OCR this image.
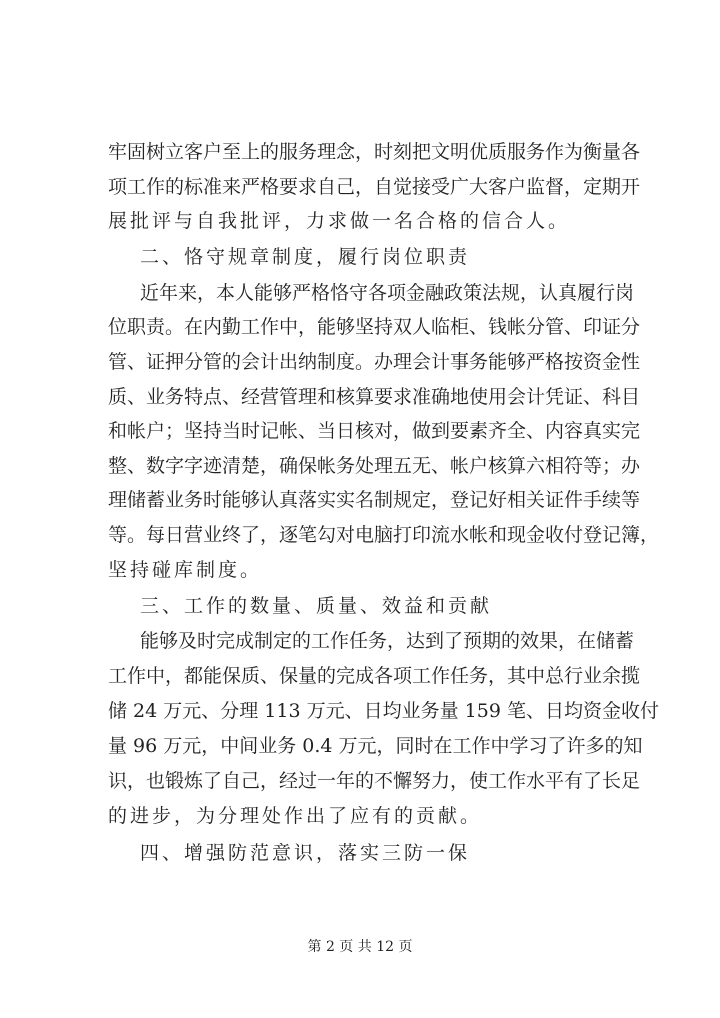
牢固树立客户至上的服务理念，时刻把文明优质服务作为衡量各
项工作的标准来严格要求自己，自觉接受广大客户监督，定期开
展批评与自我批评，力求做一名合格的信合人。
二、恪守规章制度，履行岗位职责
近年来，本人能够严格恪守各项金融政策法规，认真履行岗
位职责。在内勤工作中，能够坚持双人临柜、钱帐分管、印证分
管、证押分管的会计出纳制度。办理会计事务能够严格按资金性
质、业务特点、经营管理和核算要求准确地使用会计凭证、科目
和帐户；坚持当时记帐、当日核对，做到要素齐全、内容真实完
整、数字字迹清楚，确保帐务处理五无、帐户核算六相符等；办
理储蓄业务时能够认真落实实名制规定，登记好相关证件手续等
等。每日营业终了，逐笔勾对电脑打印流水帐和现金收付登记簿，
坚持碰库制度。
三、工作的数量、质量、效益和贡献
能够及时完成制定的工作任务，达到了预期的效果，在储蓄
工作中，都能保质、保量的完成各项工作任务，其中总行业余揽
储 24 万元、分理 113 万元、日均业务量 159 笔、日均资金收付
量 96 万元，中间业务 0.4 万元，同时在工作中学习了许多的知
识，也锻炼了自己，经过一年的不懈努力，使工作水平有了长足
的进步，为分理处作出了应有的贡献。
四、增强防范意识，落实三防一保
第 2 页 共 12 页
